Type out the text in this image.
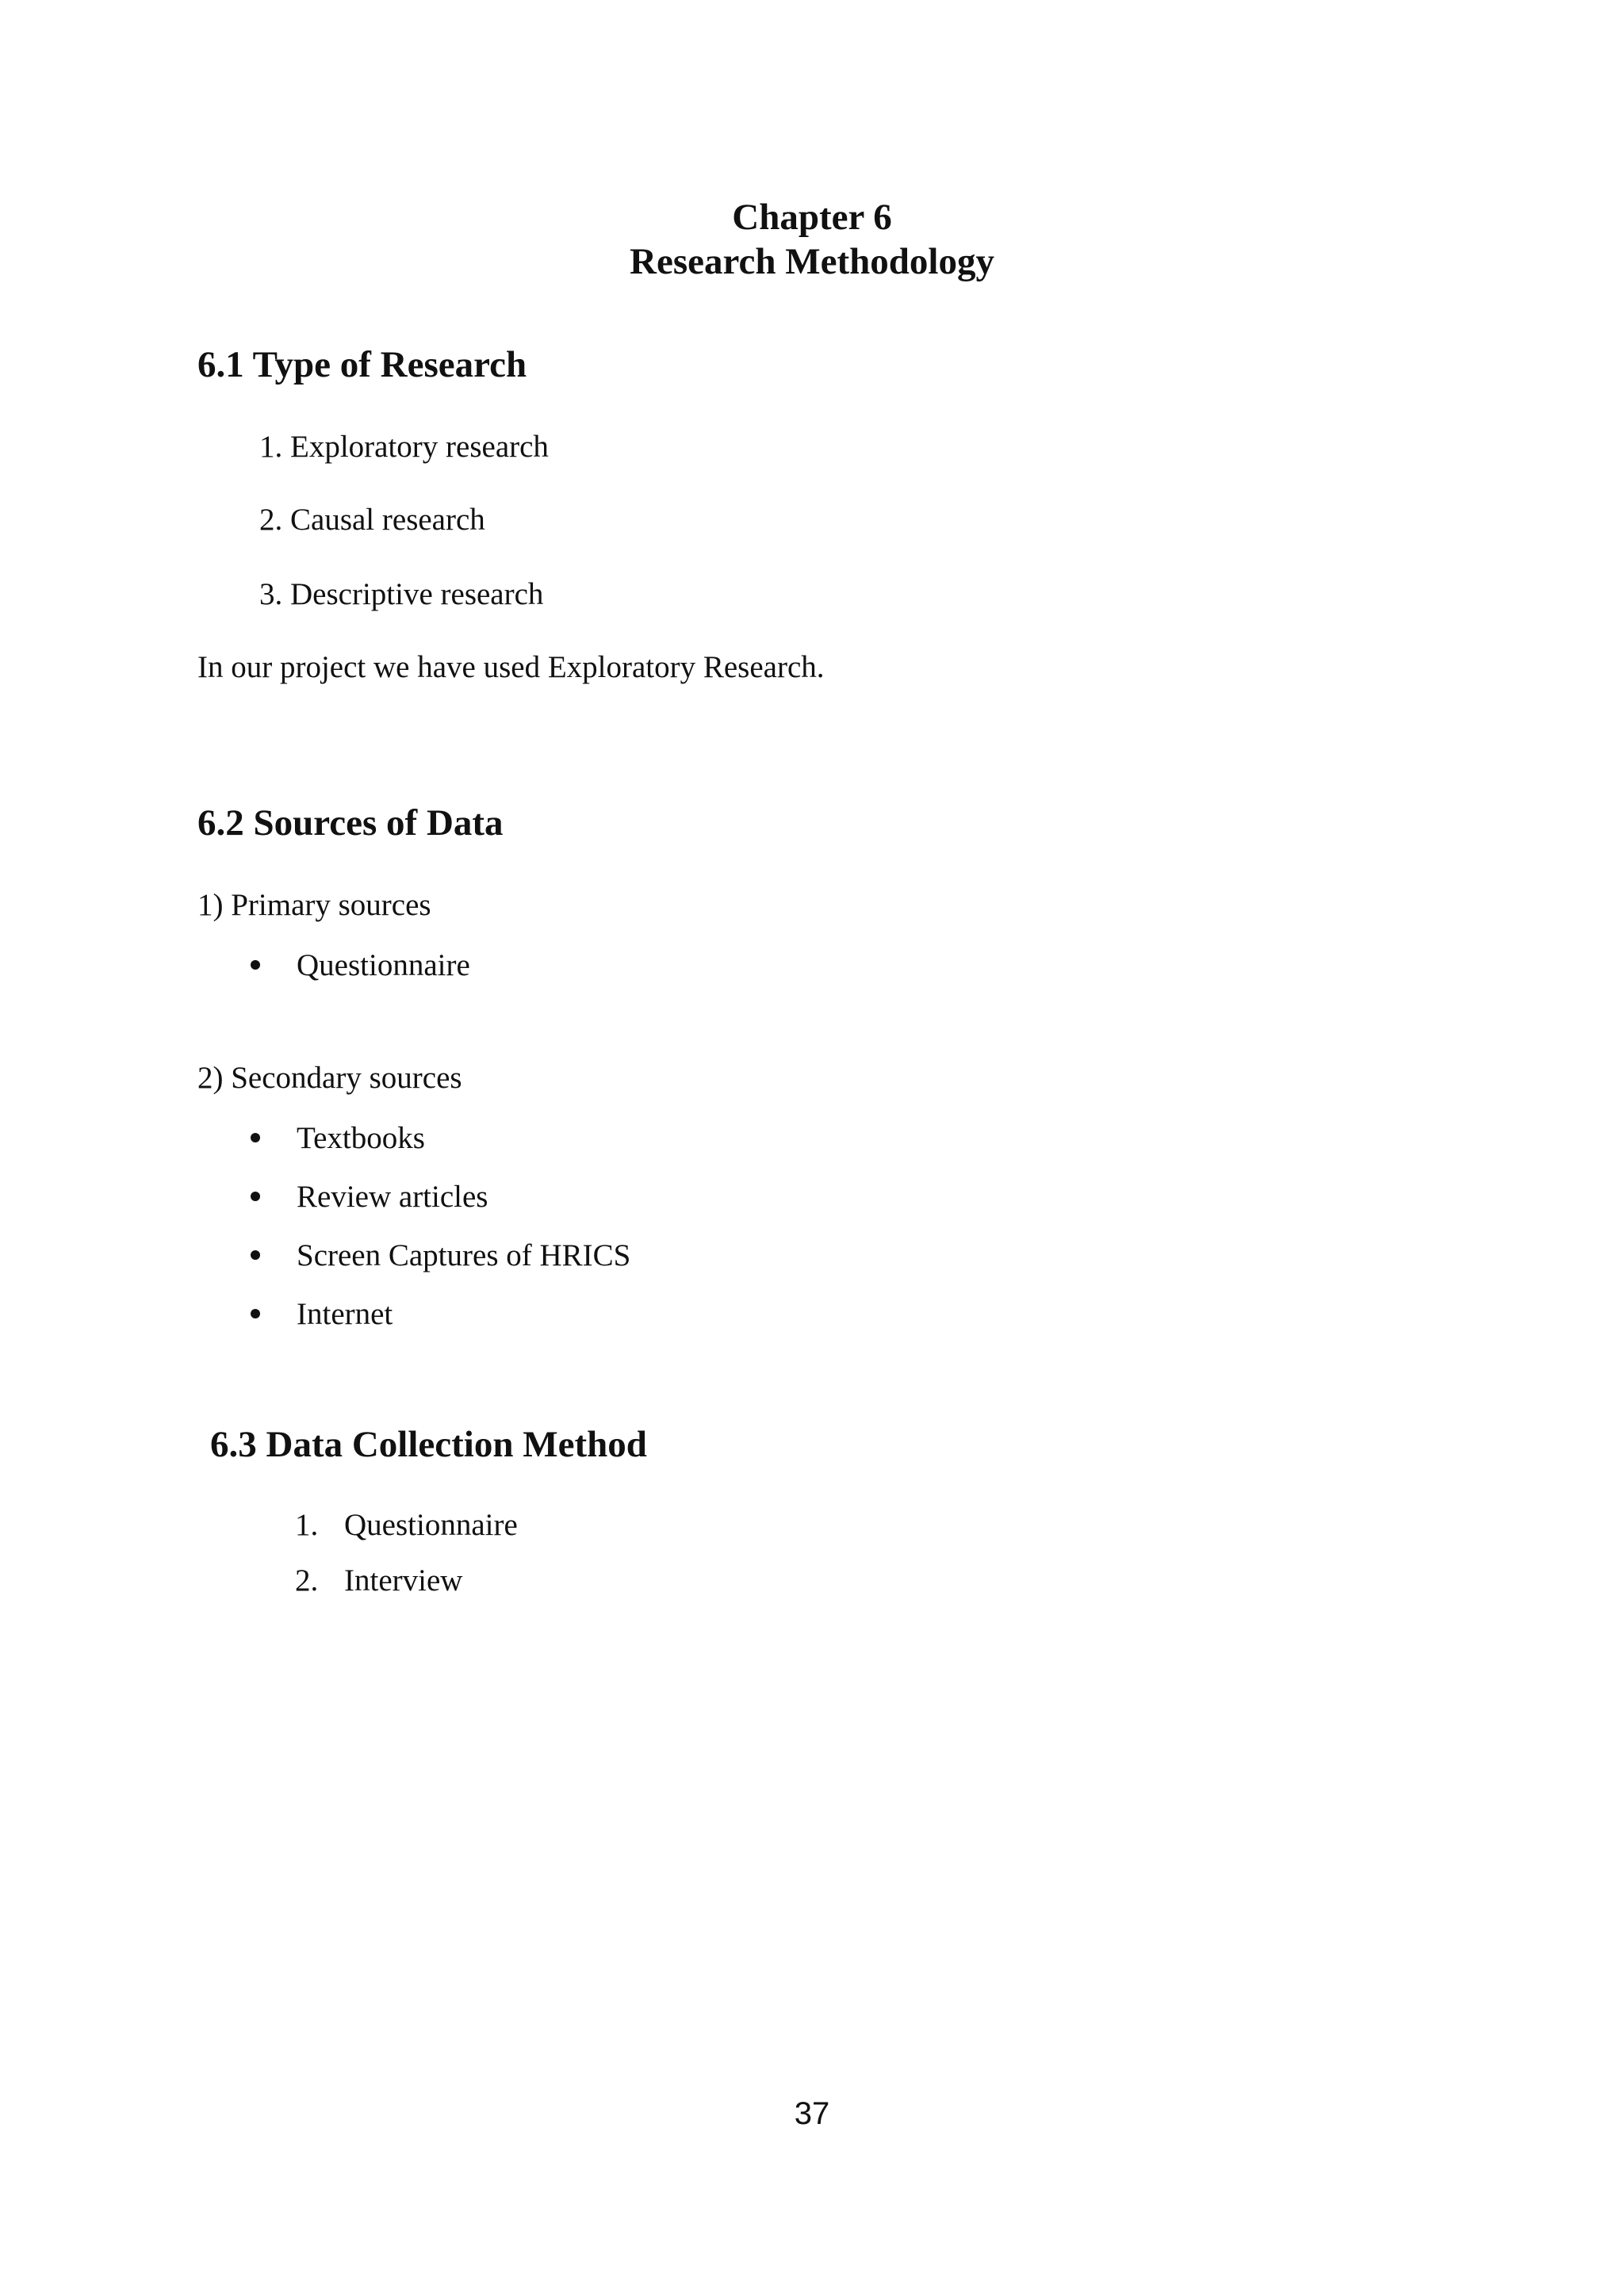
Chapter 6
Research Methodology
6.1 Type of Research
1. Exploratory research
2. Causal research
3. Descriptive research
In our project we have used Exploratory Research.
6.2 Sources of Data
1) Primary sources
Questionnaire
2) Secondary sources
Textbooks
Review articles
Screen Captures of HRICS
Internet
6.3 Data Collection Method
1. Questionnaire
2. Interview
37
